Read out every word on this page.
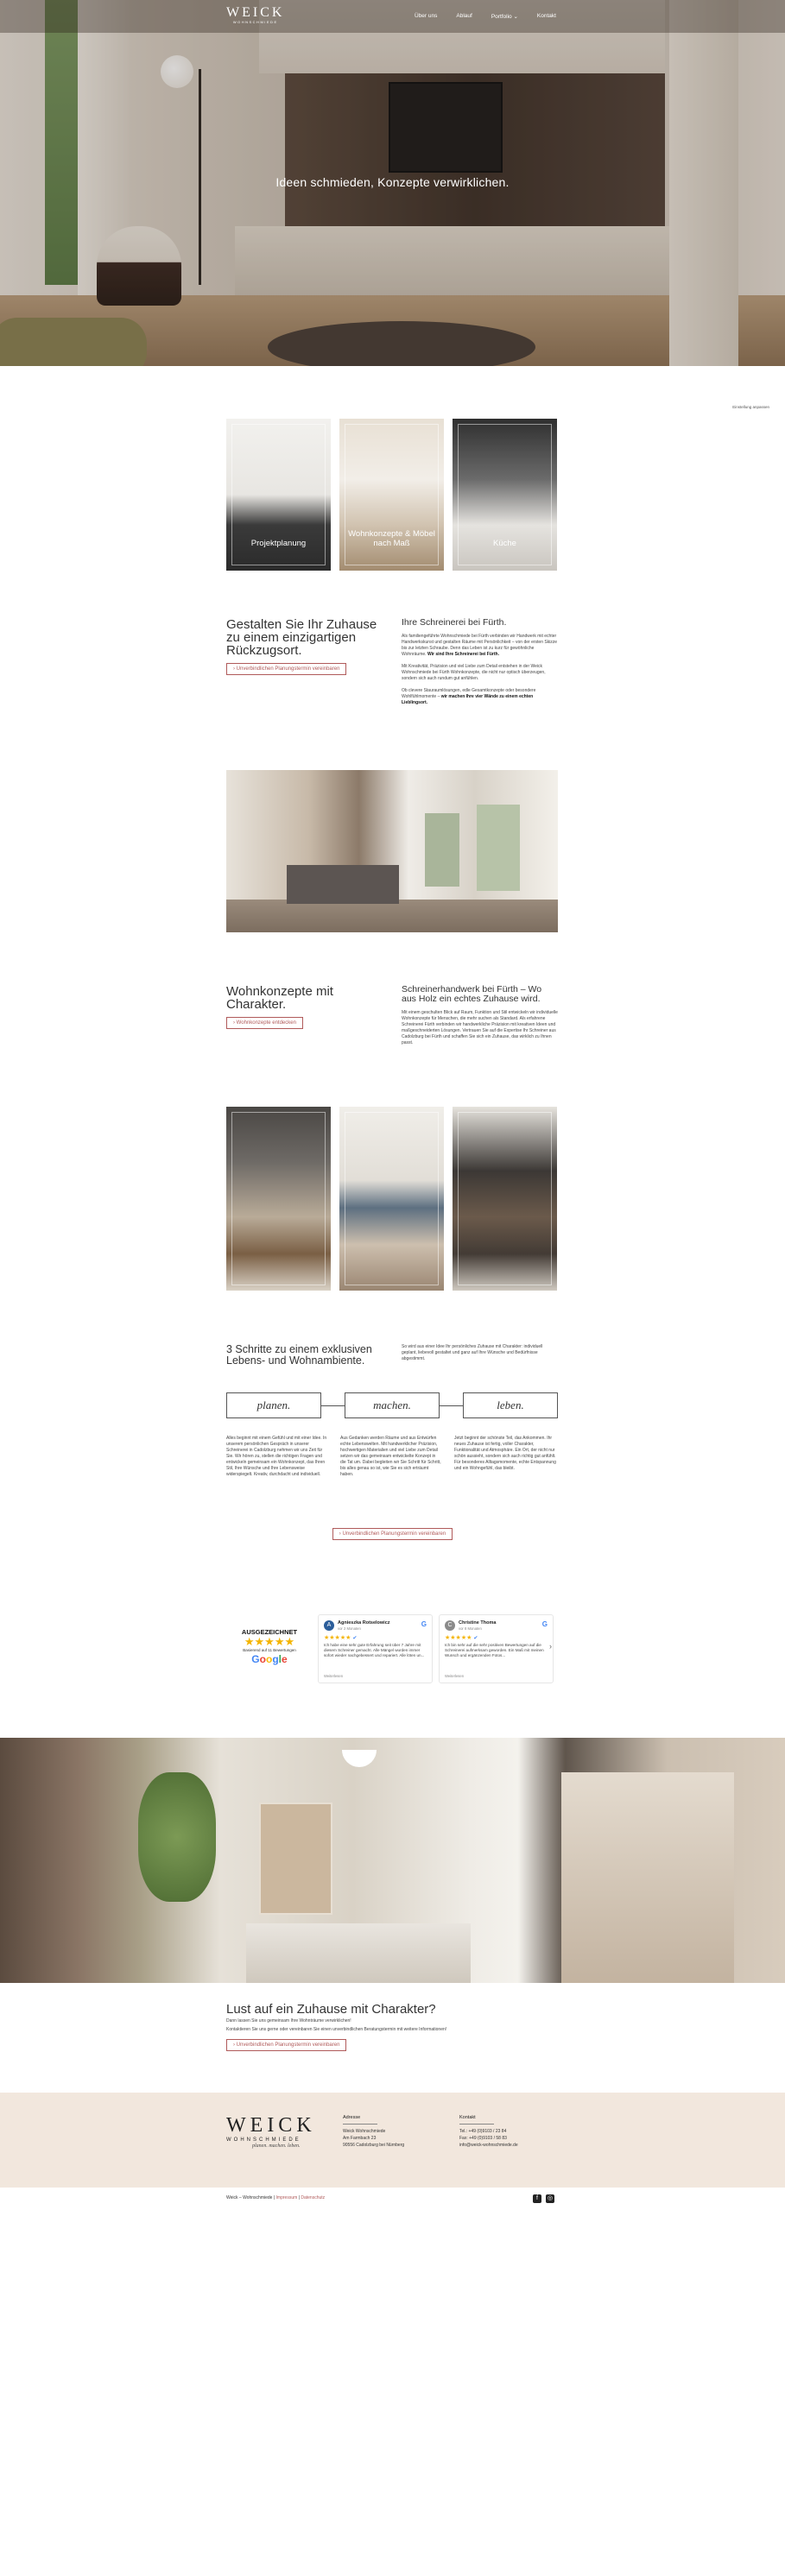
WEICK
WOHNSCHMIEDE
Über uns	Ablauf	Portfolio ⌄	Kontakt
Ideen schmieden, Konzepte verwirklichen.
Einstellung anpassen
Projektplanung
Wohnkonzepte & Möbel nach Maß	Küche
Gestalten Sie Ihr Zuhause zu einem einzigartigen Rückzugsort.
› Unverbindlichen Planungstermin vereinbaren
Ihre Schreinerei bei Fürth.

Als familiengeführte Wohnschmiede bei Fürth verbinden wir Handwerk mit echter Handwerkskunst und gestalten Räume mit Persönlichkeit – von der ersten Skizze bis zur letzten Schraube. Denn das Leben ist zu kurz für gewöhnliche Wohnräume. Wir sind Ihre Schreinerei bei Fürth.

Mit Kreativität, Präzision und viel Liebe zum Detail entstehen in der Weick Wohnschmiede bei Fürth Wohnkonzepte, die nicht nur optisch überzeugen, sondern sich auch rundum gut anfühlen.

Ob clevere Stauraumlösungen, edle Gesamtkonzepte oder besondere Wohlfühlmomente – wir machen Ihre vier Wände zu einem echten Lieblingsort.

Wohnkonzepte mit Charakter.
› Wohnkonzepte entdecken
Schreinerhandwerk bei Fürth – Wo aus Holz ein echtes Zuhause wird.

Mit einem geschulten Blick auf Raum, Funktion und Stil entwickeln wir individuelle Wohnkonzepte für Menschen, die mehr suchen als Standard. Als erfahrene Schreinerei Fürth verbinden wir handwerkliche Präzision mit kreativen Ideen und maßgeschneiderten Lösungen. Vertrauen Sie auf die Expertise Ihr Schreiner aus Cadolzburg bei Fürth und schaffen Sie sich ein Zuhause, das wirklich zu Ihnen passt.

3 Schritte zu einem exklusiven Lebens- und Wohnambiente.

So wird aus einer Idee Ihr persönliches Zuhause mit Charakter: individuell geplant, liebevoll gestaltet und ganz auf Ihre Wünsche und Bedürfnisse abgestimmt.

planen.	machen.	leben.

Alles beginnt mit einem Gefühl und mit einer Idee. In unserem persönlichen Gespräch in unserer Schreinerei in Cadolzburg nehmen wir uns Zeit für Sie. Wir hören zu, stellen die richtigen Fragen und entwickeln gemeinsam ein Wohnkonzept, das Ihren Stil, Ihre Wünsche und Ihre Lebensweise widerspiegelt. Kreativ, durchdacht und individuell.

Aus Gedanken werden Räume und aus Entwürfen echte Lebenswelten. Mit handwerklicher Präzision, hochwertigen Materialien und viel Liebe zum Detail setzen wir das gemeinsam entwickelte Konzept in die Tat um. Dabei begleiten wir Sie Schritt für Schritt, bis alles genau so ist, wie Sie es sich erträumt haben.

Jetzt beginnt der schönste Teil, das Ankommen. Ihr neues Zuhause ist fertig, voller Charakter, Funktionalität und Atmosphäre. Ein Ort, der nicht nur schön aussieht, sondern sich auch richtig gut anfühlt. Für besonderes Alltagsmomente, echte Entspannung und ein Wohngefühl, das bleibt.

› Unverbindlichen Planungstermin vereinbaren
AUSGEZEICHNET
★★★★★
Basierend auf 11 Bewertungen
Google
A	Agnieszka Rotselowicz
vor 2 Monaten
G
★★★★★ ✔
Ich habe eine sehr gute Erfahrung seit über 7 Jahre mit diesem Schreiner gemacht. Alle Mängel wurden immer sofort wieder nachgebessert und repariert. Alle löten un...
Weiterlesen
C	Christine Thoma
vor 8 Monaten
G
★★★★★ ✔
Ich bin sehr auf die sehr positiven Bewertungen auf die Schreinerei aufmerksam geworden. Ein Maß mit meinen Wunsch und ergänzenden Fotos...
Weiterlesen
›
Lust auf ein Zuhause mit Charakter?

Dann lassen Sie uns gemeinsam Ihre Wohnträume verwirklichen!

Kontaktieren Sie uns gerne oder vereinbaren Sie einen unverbindlichen Beratungstermin mit weitere Informationen!

› Unverbindlichen Planungstermin vereinbaren
WEICK
WOHNSCHMIEDE
planen. machen. leben.
Adresse
Weick Wohnschmiede
Am Farmbach 23
90556 Cadolzburg bei Nürnberg
Kontakt
Tel.: +49 (0)9103 / 23 84
Fax: +49 (0)9103 / 58 83
info@weick-wohnschmiede.de
Weick – Wohnschmiede | Impressum | Datenschutz	f	◎
